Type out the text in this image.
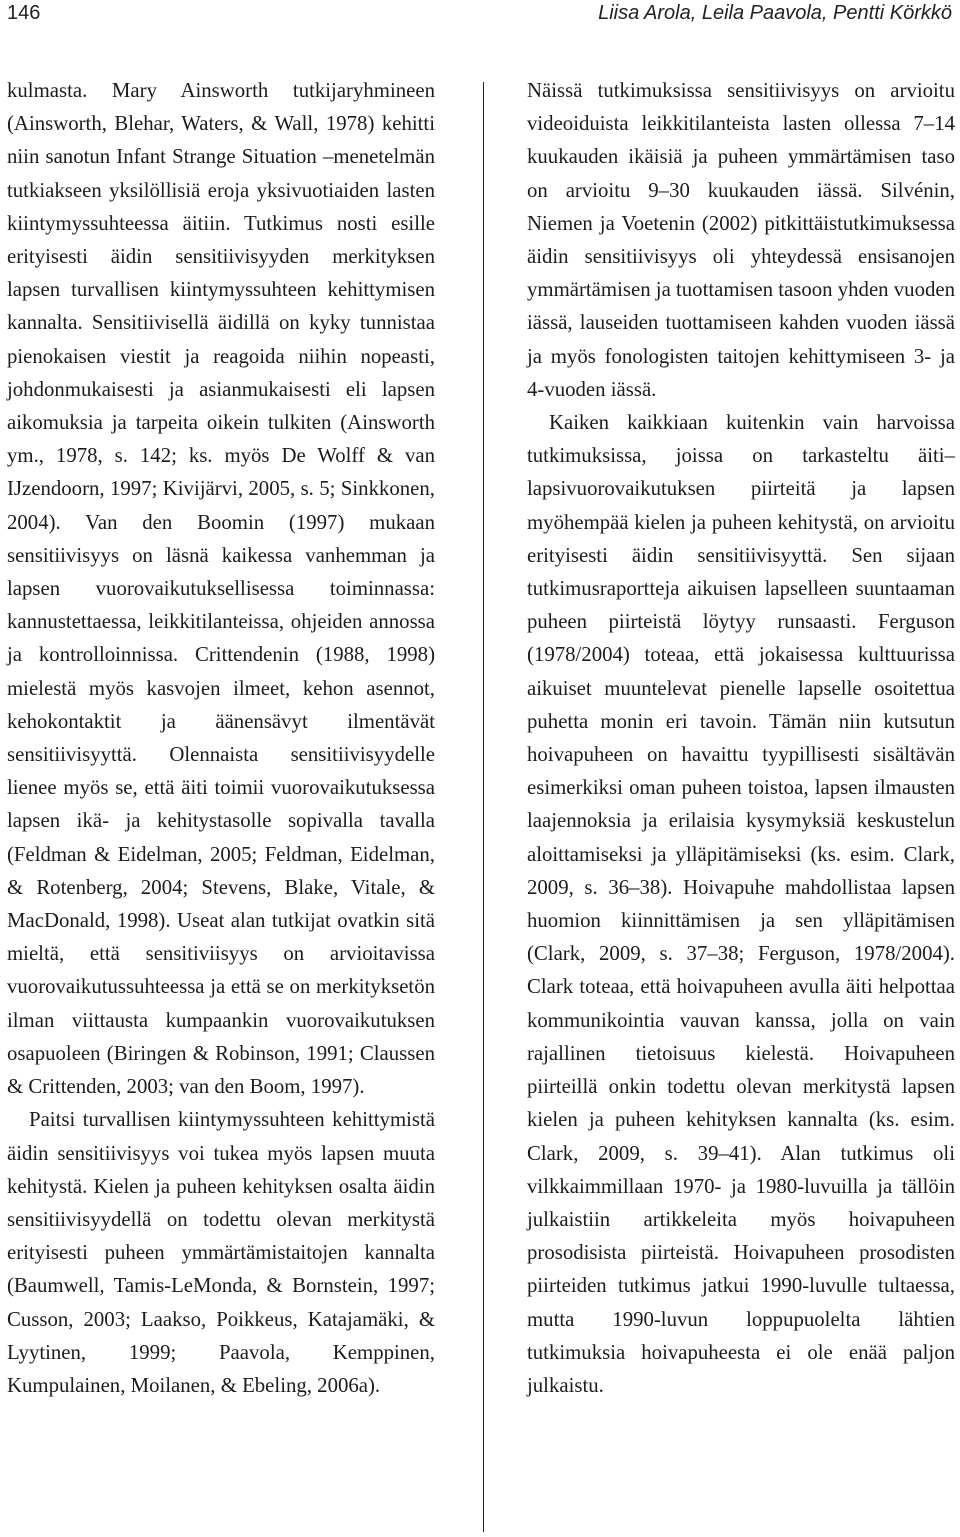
146	Liisa Arola, Leila Paavola, Pentti Körkkö

kulmasta. Mary Ainsworth tutkijaryhmineen (Ainsworth, Blehar, Waters, & Wall, 1978) kehitti niin sanotun Infant Strange Situation –menetelmän tutkiakseen yksilöllisiä eroja yksivuotiaiden lasten kiintymyssuhteessa äitiin. Tutkimus nosti esille erityisesti äidin sensitiivisyyden merkityksen lapsen turvallisen kiintymyssuhteen kehittymisen kannalta. Sensitiivisellä äidillä on kyky tunnistaa pienokaisen viestit ja reagoida niihin nopeasti, johdonmukaisesti ja asianmukaisesti eli lapsen aikomuksia ja tarpeita oikein tulkiten (Ainsworth ym., 1978, s. 142; ks. myös De Wolff & van IJzendoorn, 1997; Kivijärvi, 2005, s. 5; Sinkkonen, 2004). Van den Boomin (1997) mukaan sensitiivisyys on läsnä kaikessa vanhemman ja lapsen vuorovaikutuksellisessa toiminnassa: kannustettaessa, leikkitilanteissa, ohjeiden annossa ja kontrolloinnissa. Crittendenin (1988, 1998) mielestä myös kasvojen ilmeet, kehon asennot, kehokontaktit ja äänensävyt ilmentävät sensitiivisyyttä. Olennaista sensitiivisyydelle lienee myös se, että äiti toimii vuorovaikutuksessa lapsen ikä- ja kehitystasolle sopivalla tavalla (Feldman & Eidelman, 2005; Feldman, Eidelman, & Rotenberg, 2004; Stevens, Blake, Vitale, & MacDonald, 1998). Useat alan tutkijat ovatkin sitä mieltä, että sensitiviisyys on arvioitavissa vuorovaikutussuhteessa ja että se on merkityksetön ilman viittausta kumpaankin vuorovaikutuksen osapuoleen (Biringen & Robinson, 1991; Claussen & Crittenden, 2003; van den Boom, 1997).

Paitsi turvallisen kiintymyssuhteen kehittymistä äidin sensitiivisyys voi tukea myös lapsen muuta kehitystä. Kielen ja puheen kehityksen osalta äidin sensitiivisyydellä on todettu olevan merkitystä erityisesti puheen ymmärtämistaitojen kannalta (Baumwell, Tamis-LeMonda, & Bornstein, 1997; Cusson, 2003; Laakso, Poikkeus, Katajamäki, & Lyytinen, 1999; Paavola, Kemppinen, Kumpulainen, Moilanen, & Ebeling, 2006a).

Näissä tutkimuksissa sensitiivisyys on arvioitu videoiduista leikkitilanteista lasten ollessa 7–14 kuukauden ikäisiä ja puheen ymmärtämisen taso on arvioitu 9–30 kuukauden iässä. Silvénin, Niemen ja Voetenin (2002) pitkittäistutkimuksessa äidin sensitiivisyys oli yhteydessä ensisanojen ymmärtämisen ja tuottamisen tasoon yhden vuoden iässä, lauseiden tuottamiseen kahden vuoden iässä ja myös fonologisten taitojen kehittymiseen 3- ja 4-vuoden iässä.

Kaiken kaikkiaan kuitenkin vain harvoissa tutkimuksissa, joissa on tarkasteltu äiti–lapsivuorovaikutuksen piirteitä ja lapsen myöhempää kielen ja puheen kehitystä, on arvioitu erityisesti äidin sensitiivisyyttä. Sen sijaan tutkimusraportteja aikuisen lapselleen suuntaaman puheen piirteistä löytyy runsaasti. Ferguson (1978/2004) toteaa, että jokaisessa kulttuurissa aikuiset muuntelevat pienelle lapselle osoitettua puhetta monin eri tavoin. Tämän niin kutsutun hoivapuheen on havaittu tyypillisesti sisältävän esimerkiksi oman puheen toistoa, lapsen ilmausten laajennoksia ja erilaisia kysymyksiä keskustelun aloittamiseksi ja ylläpitämiseksi (ks. esim. Clark, 2009, s. 36–38). Hoivapuhe mahdollistaa lapsen huomion kiinnittämisen ja sen ylläpitämisen (Clark, 2009, s. 37–38; Ferguson, 1978/2004). Clark toteaa, että hoivapuheen avulla äiti helpottaa kommunikointia vauvan kanssa, jolla on vain rajallinen tietoisuus kielestä. Hoivapuheen piirteillä onkin todettu olevan merkitystä lapsen kielen ja puheen kehityksen kannalta (ks. esim. Clark, 2009, s. 39–41). Alan tutkimus oli vilkkaimmillaan 1970- ja 1980-luvuilla ja tällöin julkaistiin artikkeleita myös hoivapuheen prosodisista piirteistä. Hoivapuheen prosodisten piirteiden tutkimus jatkui 1990-luvulle tultaessa, mutta 1990-luvun loppupuolelta lähtien tutkimuksia hoivapuheesta ei ole enää paljon julkaistu.
